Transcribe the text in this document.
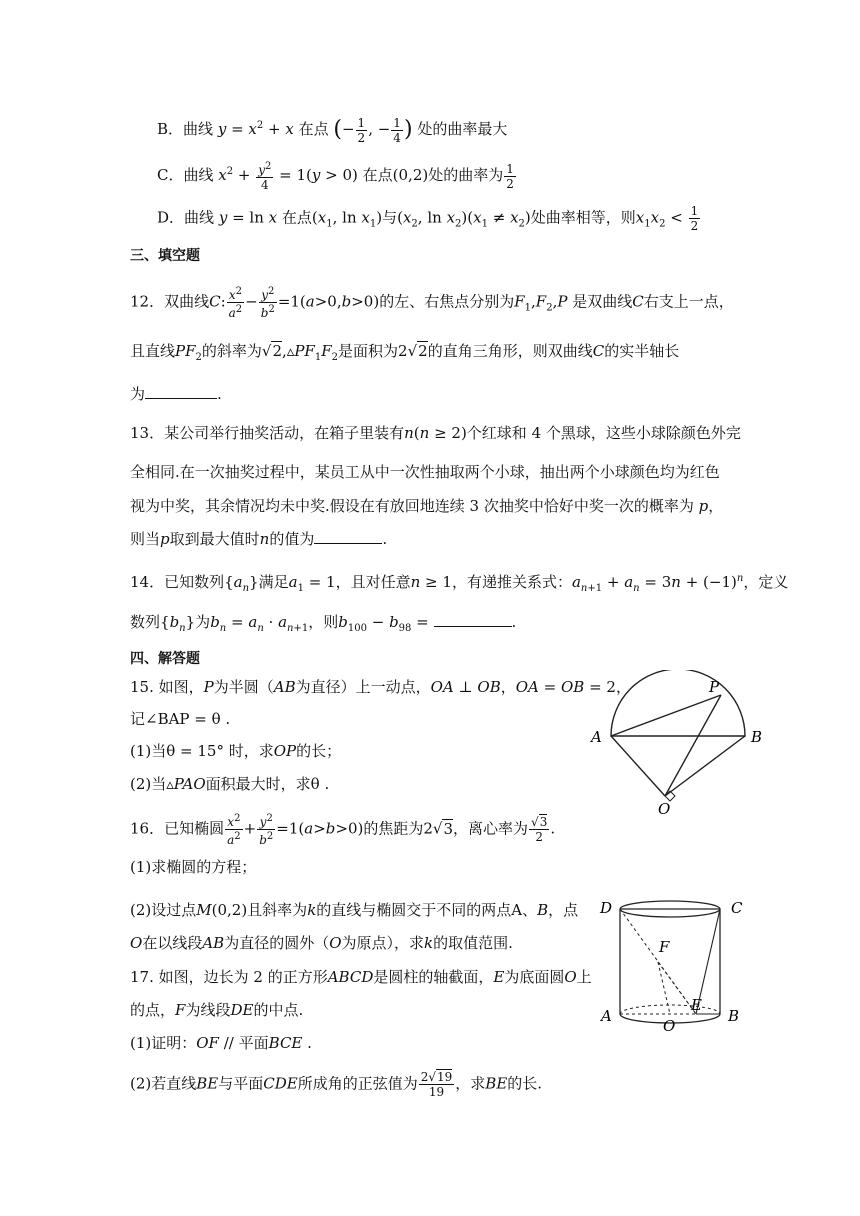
B．曲线 $y = x^2 + x$ 在点 (− $\frac{1}{2}$ , − $\frac{1}{4}$ ) 处的曲率最大
C．曲线 $x^2 + \frac{y^2}{4} = 1(y > 0)$ 在点(0,2)处的曲率为 $\frac{1}{2}$
D．曲线 y = ln x 在点($x_1$, $\ln x_1$)与($x_2$, $\ln x_2)(x_1 \ne x_2)$处曲率相等，则$x_1x_2 < \frac{1}{2}$
三、填空题
12．双曲线C: $\frac{x^2}{a^2} - \frac{y^2}{b^2} =1(a>0,b>0)$的左、右焦点分别为$F_1,F_2,P$ 是双曲线C右支上一点，
且直线$PF_2$的斜率为$√2,▵PF_1F_2$是面积为2√2的直角三角形，则双曲线C的实半轴长
为	.
13．某公司举行抽奖活动，在箱子里装有n(n ≥ 2)个红球和 4 个黑球，这些小球除颜色外完
全相同.在一次抽奖过程中，某员工从中一次性抽取两个小球，抽出两个小球颜色均为红色
视为中奖，其余情况均未中奖.假设在有放回地连续 3 次抽奖中恰好中奖一次的概率为 p，
则当p取到最大值时n的值为	.
14．已知数列$\{a_n\}$满足$a_1 = 1$，且对任意n ≥ 1，有递推关系式：$a_{n+1} + a_n = 3n + (-1)^n$，定义
数列$\{b_n\}$为$b_n = a_n \cdot a_{n+1}$，则$b_{100} - b_{98}$ =	.
四、解答题
15. 如图，P为半圆（AB为直径）上一动点，OA ⊥ OB，OA = OB = 2，
记∠BAP = θ .
(1)当θ = 15° 时，求OP的长；
(2)当▵PAO面积最大时，求θ .
P
A	B
O
16．已知椭圆 $\frac{x^2}{a^2} + \frac{y^2}{b^2} =1(a>b>0)$的焦距为2√3，离心率为 $\frac{√3}{2}$ .
(1)求椭圆的方程；
(2)设过点M(0,2)且斜率为k的直线与椭圆交于不同的两点A、B，点
O在以线段AB为直径的圆外（O为原点），求k的取值范围.
D	C
F
E
A
O
B
17. 如图，边长为 2 的正方形ABCD是圆柱的轴截面，E为底面圆O上
的点，F为线段DE的中点.
(1)证明：OF // 平面BCE .
(2)若直线BE与平面CDE所成角的正弦值为 $\frac{2√19}{19}$ ，求BE的长.
